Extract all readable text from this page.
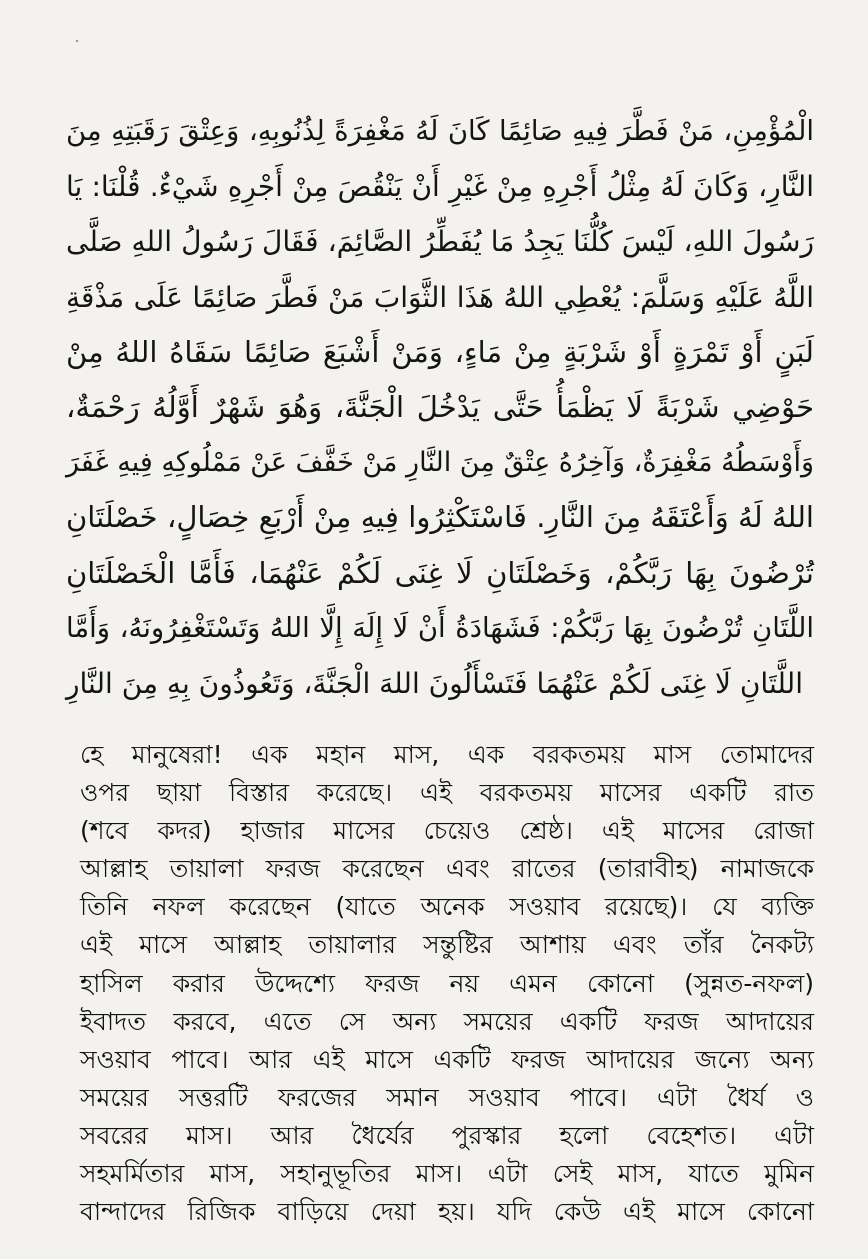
الْمُؤْمِنِ، مَنْ فَطَّرَ فِيهِ صَائِمًا كَانَ لَهُ مَغْفِرَةً لِذُنُوبِهِ، وَعِتْقَ رَقَبَتِهِ مِنَ
النَّارِ، وَكَانَ لَهُ مِثْلُ أَجْرِهِ مِنْ غَيْرِ أَنْ يَنْقُصَ مِنْ أَجْرِهِ شَيْءٌ. قُلْنَا: يَا
رَسُولَ اللهِ، لَيْسَ كُلُّنَا يَجِدُ مَا يُفَطِّرُ الصَّائِمَ، فَقَالَ رَسُولُ اللهِ صَلَّى
اللَّهُ عَلَيْهِ وَسَلَّمَ: يُعْطِي اللهُ هَذَا الثَّوَابَ مَنْ فَطَّرَ صَائِمًا عَلَى مَذْقَةِ
لَبَنٍ أَوْ تَمْرَةٍ أَوْ شَرْبَةٍ مِنْ مَاءٍ، وَمَنْ أَشْبَعَ صَائِمًا سَقَاهُ اللهُ مِنْ
حَوْضِي شَرْبَةً لَا يَظْمَأُ حَتَّى يَدْخُلَ الْجَنَّةَ، وَهُوَ شَهْرٌ أَوَّلُهُ رَحْمَةٌ،
وَأَوْسَطُهُ مَغْفِرَةٌ، وَآخِرُهُ عِتْقٌ مِنَ النَّارِ مَنْ خَفَّفَ عَنْ مَمْلُوكِهِ فِيهِ غَفَرَ
اللهُ لَهُ وَأَعْتَقَهُ مِنَ النَّارِ. فَاسْتَكْثِرُوا فِيهِ مِنْ أَرْبَعِ خِصَالٍ، خَصْلَتَانِ
تُرْضُونَ بِهَا رَبَّكُمْ، وَخَصْلَتَانِ لَا غِنَى لَكُمْ عَنْهُمَا، فَأَمَّا الْخَصْلَتَانِ
اللَّتَانِ تُرْضُونَ بِهَا رَبَّكُمْ: فَشَهَادَةُ أَنْ لَا إِلَهَ إِلَّا اللهُ وَتَسْتَغْفِرُونَهُ، وَأَمَّا
اللَّتَانِ لَا غِنَى لَكُمْ عَنْهُمَا فَتَسْأَلُونَ اللهَ الْجَنَّةَ، وَتَعُوذُونَ بِهِ مِنَ النَّارِ
হে মানুষেরা! এক মহান মাস, এক বরকতময় মাস তোমাদের
ওপর ছায়া বিস্তার করেছে। এই বরকতময় মাসের একটি রাত
(শবে কদর) হাজার মাসের চেয়েও শ্রেষ্ঠ। এই মাসের রোজা
আল্লাহ তায়ালা ফরজ করেছেন এবং রাতের (তারাবীহ) নামাজকে
তিনি নফল করেছেন (যাতে অনেক সওয়াব রয়েছে)। যে ব্যক্তি
এই মাসে আল্লাহ তায়ালার সন্তুষ্টির আশায় এবং তাঁর নৈকট্য
হাসিল করার উদ্দেশ্যে ফরজ নয় এমন কোনো (সুন্নত-নফল)
ইবাদত করবে, এতে সে অন্য সময়ের একটি ফরজ আদায়ের
সওয়াব পাবে। আর এই মাসে একটি ফরজ আদায়ের জন্যে অন্য
সময়ের সত্তরটি ফরজের সমান সওয়াব পাবে। এটা ধৈর্য ও
সবরের মাস। আর ধৈর্যের পুরস্কার হলো বেহেশত। এটা
সহমর্মিতার মাস, সহানুভূতির মাস। এটা সেই মাস, যাতে মুমিন
বান্দাদের রিজিক বাড়িয়ে দেয়া হয়। যদি কেউ এই মাসে কোনো
